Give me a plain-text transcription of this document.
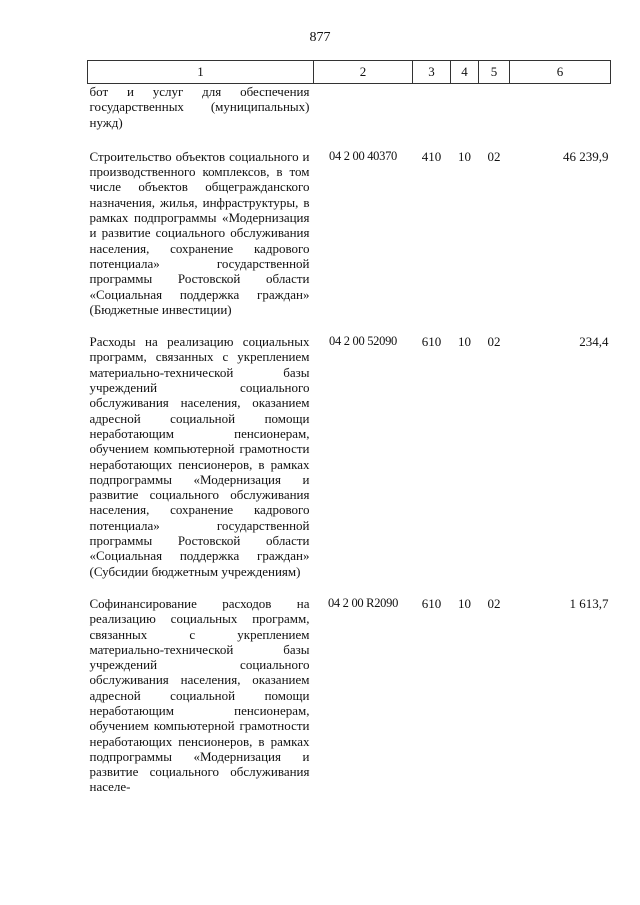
877
1	2	3	4	5	6
бот и услуг для обеспечения государственных (муниципальных) нужд)					
Строительство объектов социального и производственного комплексов, в том числе объектов общегражданского назначения, жилья, инфраструктуры, в рамках подпрограммы «Модернизация и развитие социального обслуживания населения, сохранение кадрового потенциала» государственной программы Ростовской области «Социальная поддержка граждан» (Бюджетные инвестиции)	04 2 00 40370	410	10	02	46 239,9
Расходы на реализацию социальных программ, связанных с укреплением материально-технической базы учреждений социального обслуживания населения, оказанием адресной социальной помощи неработающим пенсионерам, обучением компьютерной грамотности неработающих пенсионеров, в рамках подпрограммы «Модернизация и развитие социального обслуживания населения, сохранение кадрового потенциала» государственной программы Ростовской области «Социальная поддержка граждан» (Субсидии бюджетным учреждениям)	04 2 00 52090	610	10	02	234,4
Софинансирование расходов на реализацию социальных программ, связанных с укреплением материально-технической базы учреждений социального обслуживания населения, оказанием адресной социальной помощи неработающим пенсионерам, обучением компьютерной грамотности неработающих пенсионеров, в рамках подпрограммы «Модернизация и развитие социального обслуживания населе-	04 2 00 R2090	610	10	02	1 613,7
